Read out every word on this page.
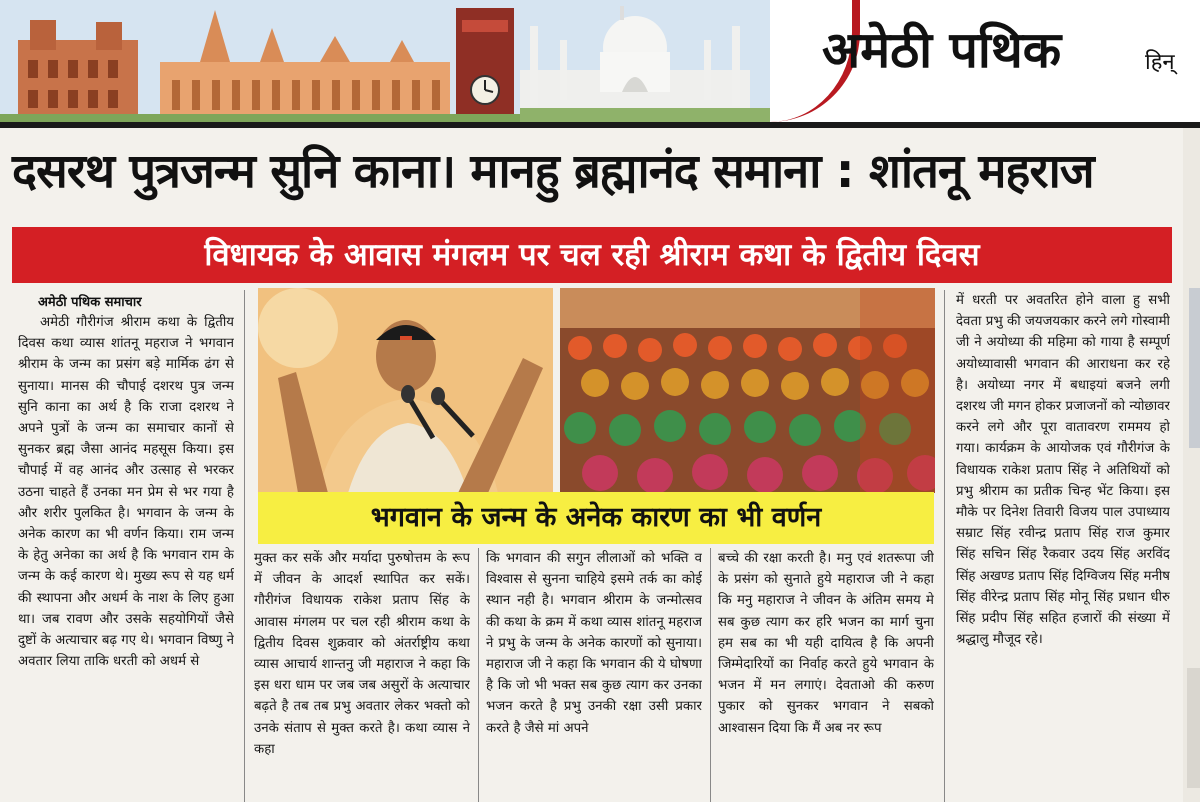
अमेठी पथिक	हिन्
दसरथ पुत्रजन्म सुनि काना। मानहु ब्रह्मानंद समाना : शांतनू महराज
विधायक के आवास मंगलम पर चल रही श्रीराम कथा के द्वितीय दिवस
अमेठी पथिक समाचार

अमेठी गौरीगंज श्रीराम कथा के द्वितीय दिवस कथा व्यास शांतनू महराज ने भगवान श्रीराम के जन्म का प्रसंग बड़े मार्मिक ढंग से सुनाया। मानस की चौपाई दशरथ पुत्र जन्म सुनि काना का अर्थ है कि राजा दशरथ ने अपने पुत्रों के जन्म का समाचार कानों से सुनकर ब्रह्म जैसा आनंद महसूस किया। इस चौपाई में वह आनंद और उत्साह से भरकर उठना चाहते हैं उनका मन प्रेम से भर गया है और शरीर पुलकित है। भगवान के जन्म के अनेक कारण का भी वर्णन किया। राम जन्म के हेतु अनेका का अर्थ है कि भगवान राम के जन्म के कई कारण थे। मुख्य रूप से यह धर्म की स्थापना और अधर्म के नाश के लिए हुआ था। जब रावण और उसके सहयोगियों जैसे दुष्टों के अत्याचार बढ़ गए थे। भगवान विष्णु ने अवतार लिया ताकि धरती को अधर्म से

भगवान के जन्म के अनेक कारण का भी वर्णन

मुक्त कर सकें और मर्यादा पुरुषोत्तम के रूप में जीवन के आदर्श स्थापित कर सकें। गौरीगंज विधायक राकेश प्रताप सिंह के आवास मंगलम पर चल रही श्रीराम कथा के द्वितीय दिवस शुक्रवार को अंतर्राष्ट्रीय कथा व्यास आचार्य शान्तनु जी महाराज ने कहा कि इस धरा धाम पर जब जब असुरों के अत्याचार बढ़ते है तब तब प्रभु अवतार लेकर भक्तो को उनके संताप से मुक्त करते है। कथा व्यास ने कहा

कि भगवान की सगुन लीलाओं को भक्ति व विश्वास से सुनना चाहिये इसमे तर्क का कोई स्थान नही है। भगवान श्रीराम के जन्मोत्सव की कथा के क्रम में कथा व्यास शांतनू महराज ने प्रभु के जन्म के अनेक कारणों को सुनाया। महाराज जी ने कहा कि भगवान की ये घोषणा है कि जो भी भक्त सब कुछ त्याग कर उनका भजन करते है प्रभु उनकी रक्षा उसी प्रकार करते है जैसे मां अपने

बच्चे की रक्षा करती है। मनु एवं शतरूपा जी के प्रसंग को सुनाते हुये महाराज जी ने कहा कि मनु महाराज ने जीवन के अंतिम समय मे सब कुछ त्याग कर हरि भजन का मार्ग चुना हम सब का भी यही दायित्व है कि अपनी जिम्मेदारियों का निर्वाह करते हुये भगवान के भजन में मन लगाएं। देवताओ की करुण पुकार को सुनकर भगवान ने सबको आश्वासन दिया कि मैं अब नर रूप

में धरती पर अवतरित होने वाला हु सभी देवता प्रभु की जयजयकार करने लगे गोस्वामी जी ने अयोध्या की महिमा को गाया है सम्पूर्ण अयोध्यावासी भगवान की आराधना कर रहे है। अयोध्या नगर में बधाइयां बजने लगी दशरथ जी मगन होकर प्रजाजनों को न्योछावर करने लगे और पूरा वातावरण राममय हो गया। कार्यक्रम के आयोजक एवं गौरीगंज के विधायक राकेश प्रताप सिंह ने अतिथियों को प्रभु श्रीराम का प्रतीक चिन्ह भेंट किया। इस मौके पर दिनेश तिवारी विजय पाल उपाध्याय सम्राट सिंह रवीन्द्र प्रताप सिंह राज कुमार सिंह सचिन सिंह रैकवार उदय सिंह अरविंद सिंह अखण्ड प्रताप सिंह दिग्विजय सिंह मनीष सिंह वीरेन्द्र प्रताप सिंह मोनू सिंह प्रधान धीरु सिंह प्रदीप सिंह सहित हजारों की संख्या में श्रद्धालु मौजूद रहे।
